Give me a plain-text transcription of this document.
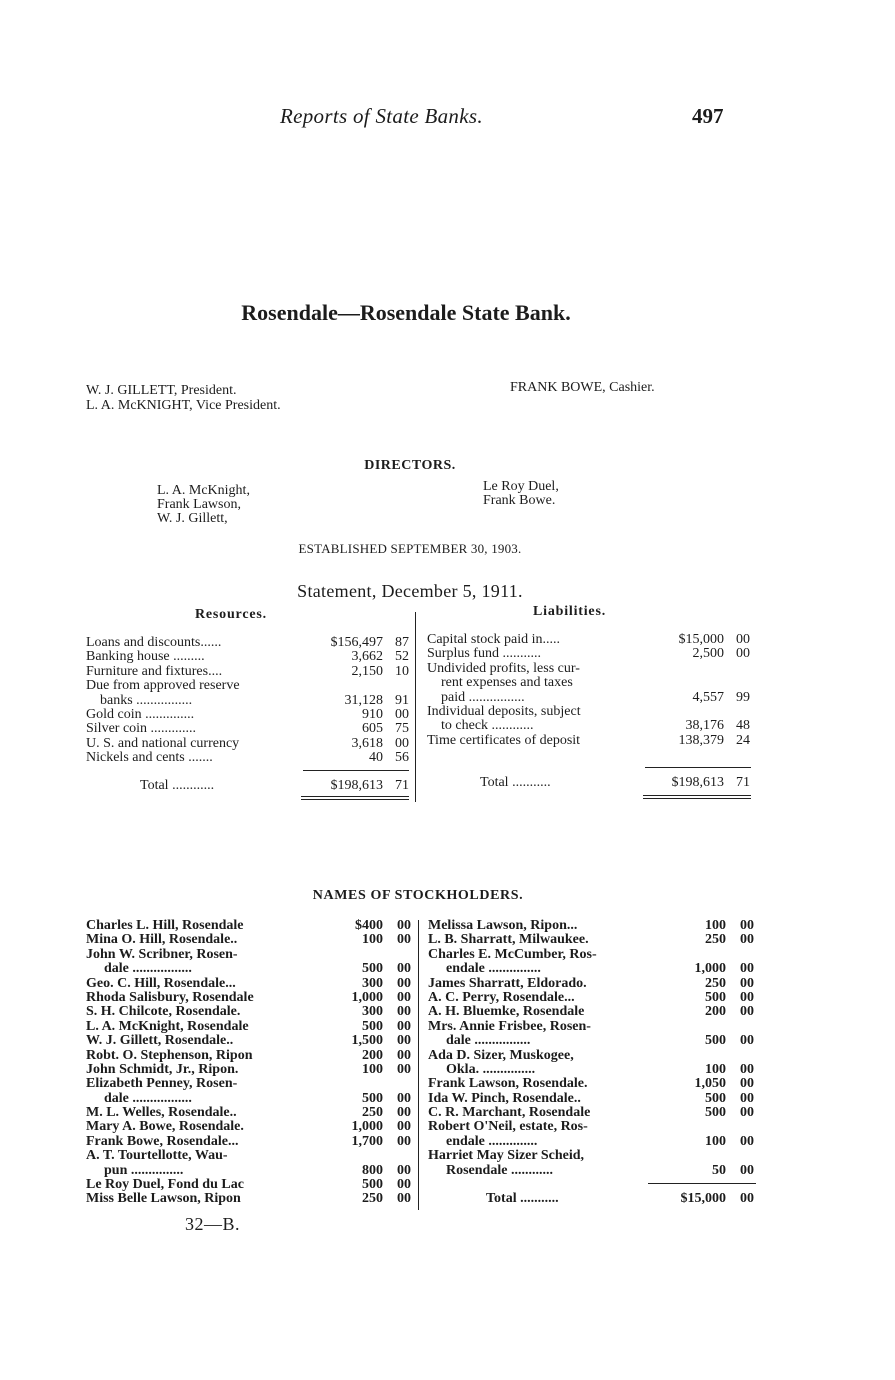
Reports of State Banks.	497
Rosendale—Rosendale State Bank.
W. J. GILLETT, President.
L. A. McKNIGHT, Vice President.
FRANK BOWE, Cashier.
DIRECTORS.
L. A. McKnight,
Frank Lawson,
W. J. Gillett,
Le Roy Duel,
Frank Bowe.
ESTABLISHED SEPTEMBER 30, 1903.
Statement, December 5, 1911.
Resources.	Liabilities.
Loans and discounts......	$156,497 87
Banking house .........	3,662 52
Furniture and fixtures....	2,150 10
Due from approved reserve
banks ................	31,128 91
Gold coin ..............	910 00
Silver coin .............	605 75
U. S. and national currency	3,618 00
Nickels and cents .......	40 56
Total ............	$198,613 71
Capital stock paid in.....	$15,000 00
Surplus fund ...........	2,500 00
Undivided profits, less cur-
rent expenses and taxes
paid ................	4,557 99
Individual deposits, subject
to check ............	38,176 48
Time certificates of deposit	138,379 24
Total ...........	$198,613 71
NAMES OF STOCKHOLDERS.
Charles L. Hill, Rosendale	$400 00
Mina O. Hill, Rosendale..	100 00
John W. Scribner, Rosen-
dale .................	500 00
Geo. C. Hill, Rosendale...	300 00
Rhoda Salisbury, Rosendale	1,000 00
S. H. Chilcote, Rosendale.	300 00
L. A. McKnight, Rosendale	500 00
W. J. Gillett, Rosendale..	1,500 00
Robt. O. Stephenson, Ripon	200 00
John Schmidt, Jr., Ripon.	100 00
Elizabeth Penney, Rosen-
dale .................	500 00
M. L. Welles, Rosendale..	250 00
Mary A. Bowe, Rosendale.	1,000 00
Frank Bowe, Rosendale...	1,700 00
A. T. Tourtellotte, Wau-
pun ...............	800 00
Le Roy Duel, Fond du Lac	500 00
Miss Belle Lawson, Ripon	250 00
Melissa Lawson, Ripon...	100 00
L. B. Sharratt, Milwaukee.	250 00
Charles E. McCumber, Ros-
endale ...............	1,000 00
James Sharratt, Eldorado.	250 00
A. C. Perry, Rosendale...	500 00
A. H. Bluemke, Rosendale	200 00
Mrs. Annie Frisbee, Rosen-
dale ................	500 00
Ada D. Sizer, Muskogee,
Okla. ...............	100 00
Frank Lawson, Rosendale.	1,050 00
Ida W. Pinch, Rosendale..	500 00
C. R. Marchant, Rosendale	500 00
Robert O'Neil, estate, Ros-
endale ..............	100 00
Harriet May Sizer Scheid,
Rosendale ............	50 00
Total ...........	$15,000 00
32—B.
